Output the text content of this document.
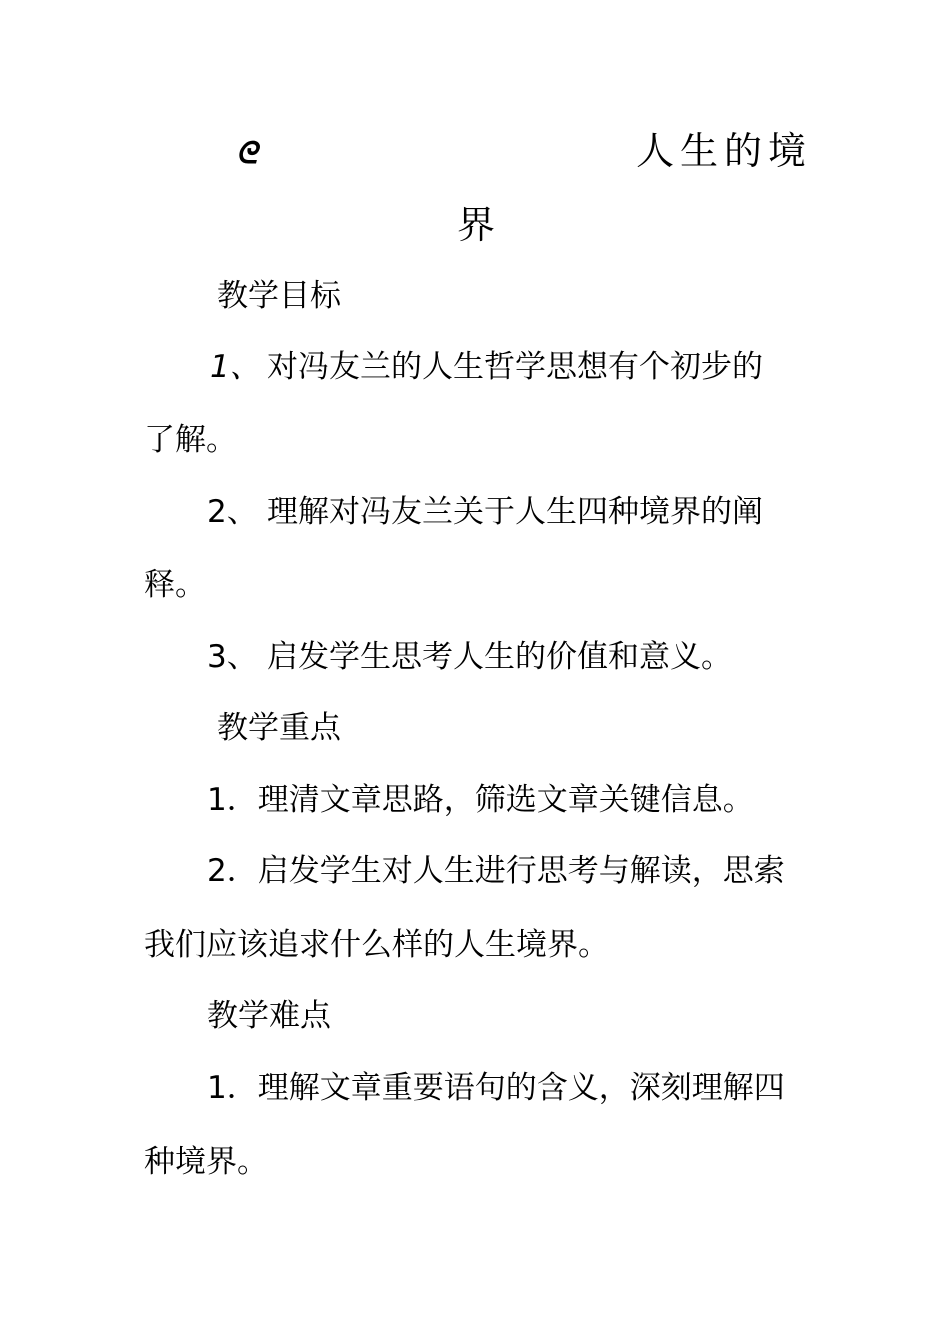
ᘓ	人生的境
界
教学目标
1、 对冯友兰的人生哲学思想有个初步的
了解。
2、 理解对冯友兰关于人生四种境界的阐
释。
3、 启发学生思考人生的价值和意义。
教学重点
1．理清文章思路，筛选文章关键信息。
2．启发学生对人生进行思考与解读，思索
我们应该追求什么样的人生境界。
教学难点
1．理解文章重要语句的含义，深刻理解四
种境界。
